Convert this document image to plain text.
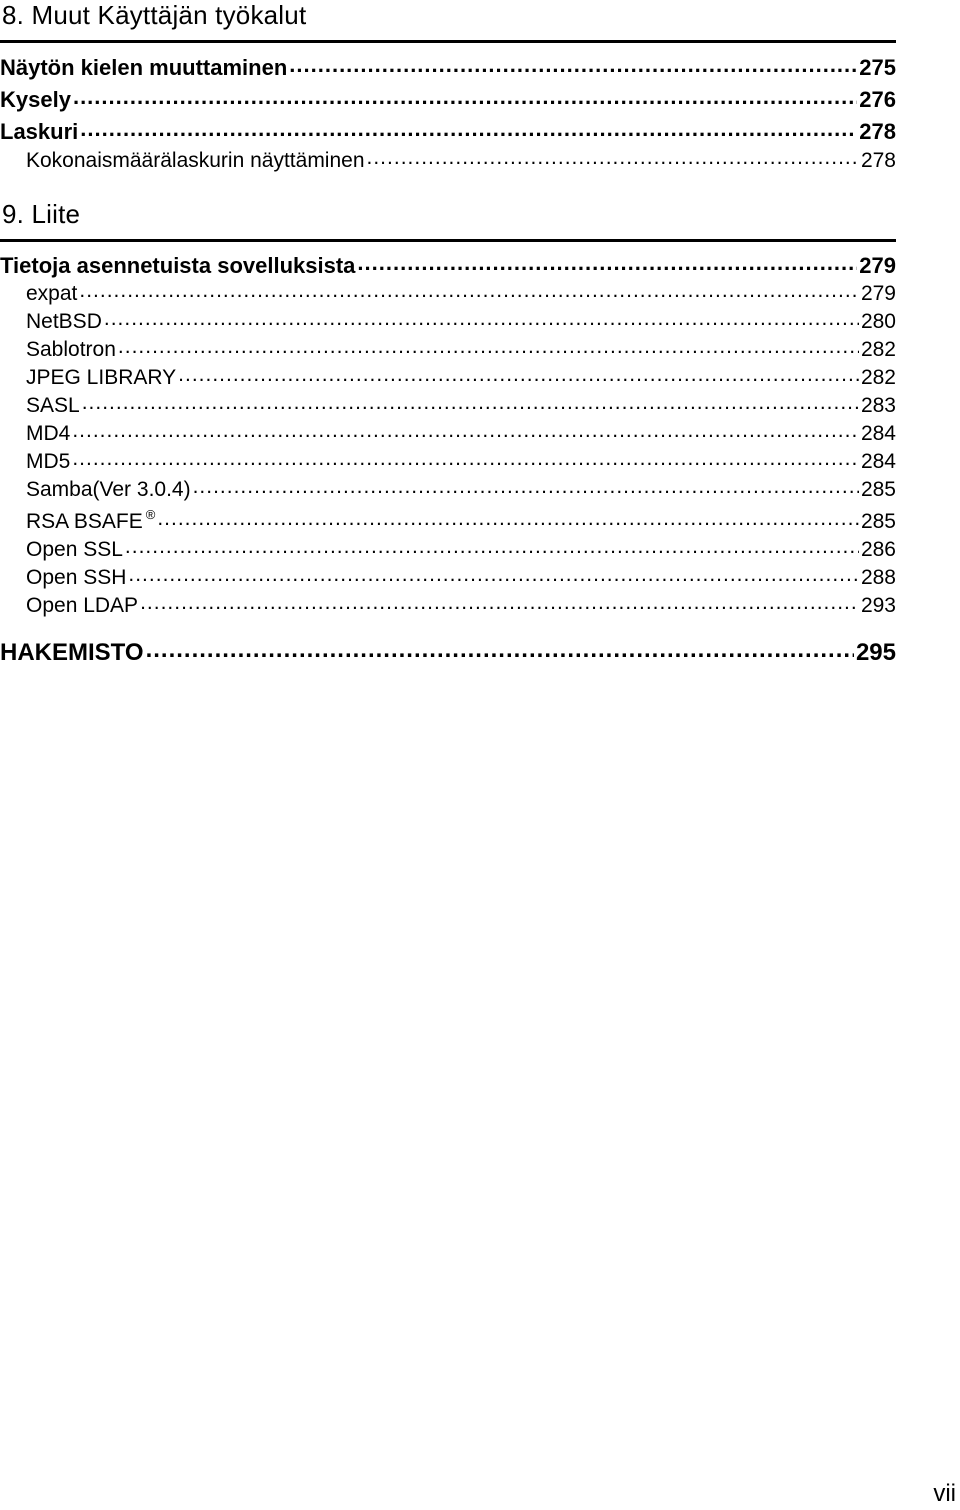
8. Muut Käyttäjän työkalut
Näytön kielen muuttaminen .....	275
Kysely .....	276
Laskuri .....	278
Kokonaismäärälaskurin näyttäminen .....	278
9. Liite
Tietoja asennetuista sovelluksista .....	279
expat .....	279
NetBSD .....	280
Sablotron .....	282
JPEG LIBRARY .....	282
SASL .....	283
MD4 .....	284
MD5 .....	284
Samba(Ver 3.0.4) .....	285
RSA BSAFE ® .....	285
Open SSL .....	286
Open SSH .....	288
Open LDAP .....	293
HAKEMISTO .....	295
vii
